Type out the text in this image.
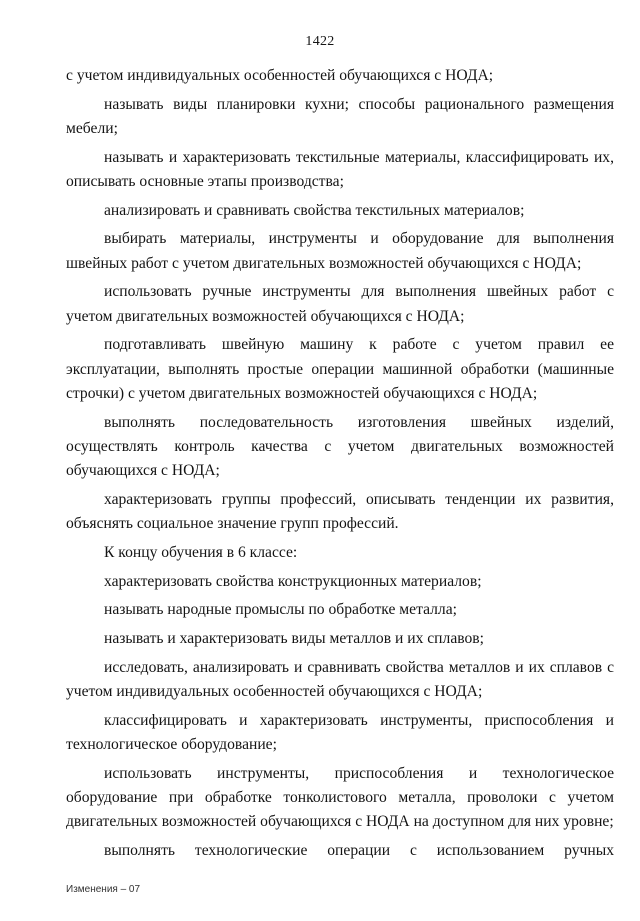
1422

с учетом индивидуальных особенностей обучающихся с НОДА;

называть виды планировки кухни; способы рационального размещения мебели;

называть и характеризовать текстильные материалы, классифицировать их, описывать основные этапы производства;

анализировать и сравнивать свойства текстильных материалов;

выбирать материалы, инструменты и оборудование для выполнения швейных работ с учетом двигательных возможностей обучающихся с НОДА;

использовать ручные инструменты для выполнения швейных работ с учетом двигательных возможностей обучающихся с НОДА;

подготавливать швейную машину к работе с учетом правил ее эксплуатации, выполнять простые операции машинной обработки (машинные строчки) с учетом двигательных возможностей обучающихся с НОДА;

выполнять последовательность изготовления швейных изделий, осуществлять контроль качества с учетом двигательных возможностей обучающихся с НОДА;

характеризовать группы профессий, описывать тенденции их развития, объяснять социальное значение групп профессий.

К концу обучения в 6 классе:

характеризовать свойства конструкционных материалов;

называть народные промыслы по обработке металла;

называть и характеризовать виды металлов и их сплавов;

исследовать, анализировать и сравнивать свойства металлов и их сплавов с учетом индивидуальных особенностей обучающихся с НОДА;

классифицировать и характеризовать инструменты, приспособления и технологическое оборудование;

использовать инструменты, приспособления и технологическое оборудование при обработке тонколистового металла, проволоки с учетом двигательных возможностей обучающихся с НОДА на доступном для них уровне;

выполнять технологические операции с использованием ручных

Изменения – 07
